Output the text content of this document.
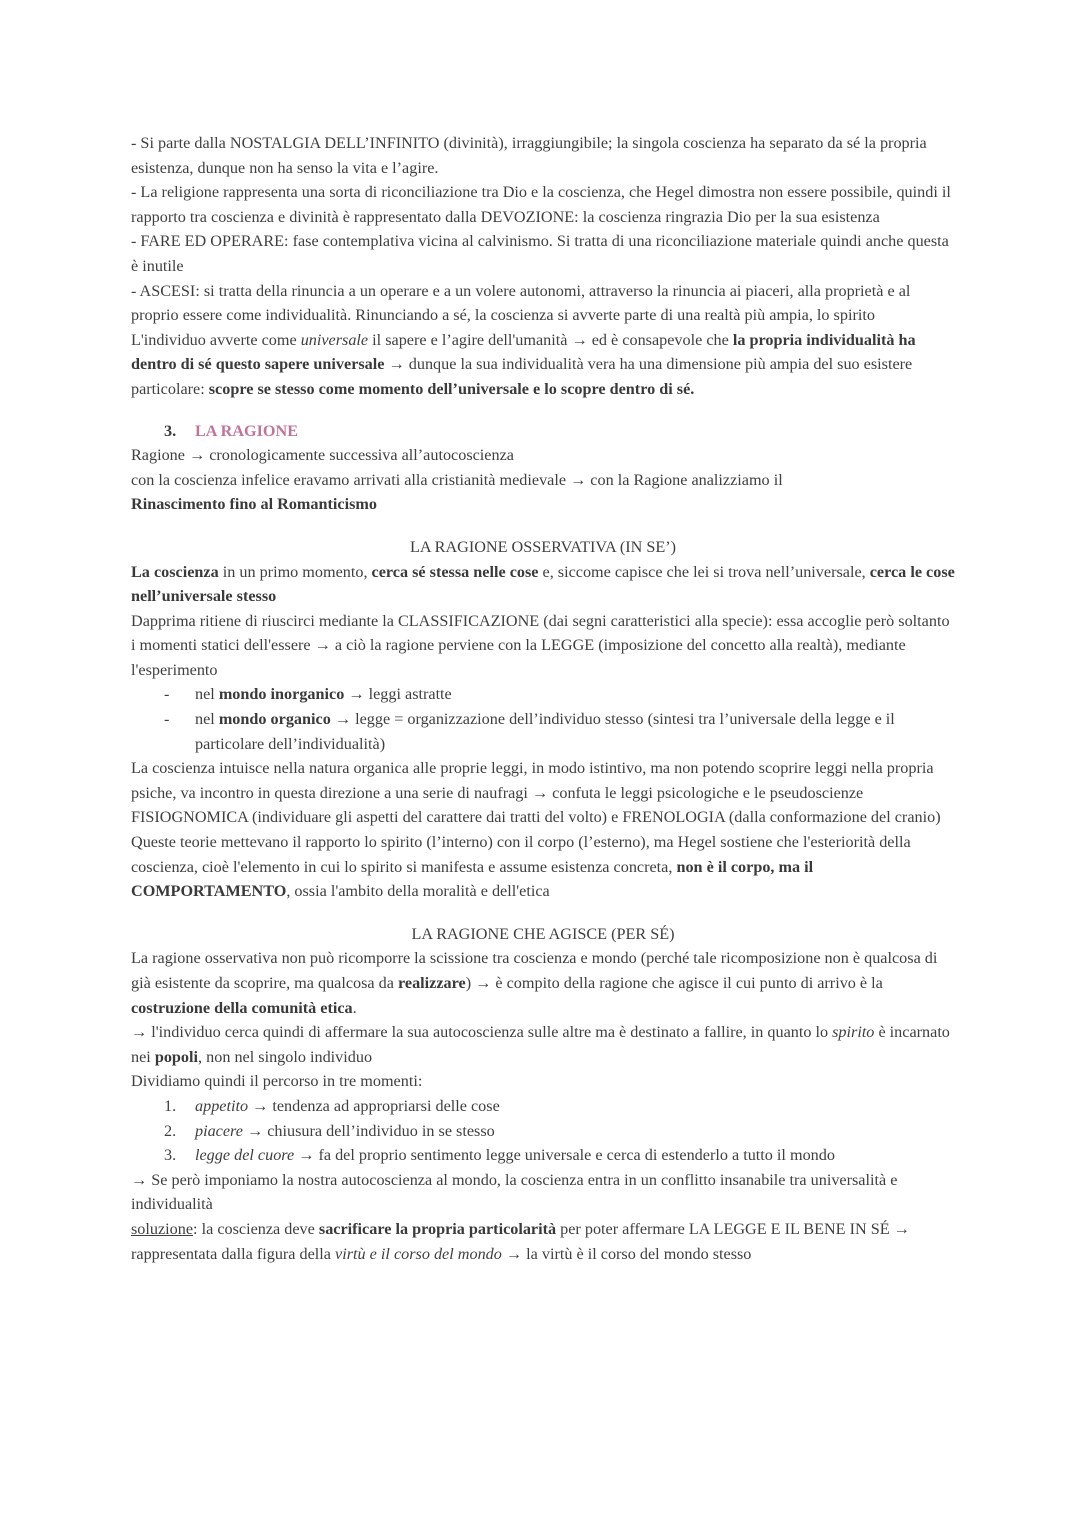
- Si parte dalla NOSTALGIA DELL’INFINITO (divinità), irraggiungibile; la singola coscienza ha separato da sé la propria esistenza, dunque non ha senso la vita e l’agire.

- La religione rappresenta una sorta di riconciliazione tra Dio e la coscienza, che Hegel dimostra non essere possibile, quindi il rapporto tra coscienza e divinità è rappresentato dalla DEVOZIONE: la coscienza ringrazia Dio per la sua esistenza

- FARE ED OPERARE: fase contemplativa vicina al calvinismo. Si tratta di una riconciliazione materiale quindi anche questa è inutile

- ASCESI: si tratta della rinuncia a un operare e a un volere autonomi, attraverso la rinuncia ai piaceri, alla proprietà e al proprio essere come individualità. Rinunciando a sé, la coscienza si avverte parte di una realtà più ampia, lo spirito

L'individuo avverte come universale il sapere e l’agire dell'umanità → ed è consapevole che la propria individualità ha dentro di sé questo sapere universale → dunque la sua individualità vera ha una dimensione più ampia del suo esistere particolare: scopre se stesso come momento dell’universale e lo scopre dentro di sé.

3.	LA RAGIONE

Ragione → cronologicamente successiva all’autocoscienza

con la coscienza infelice eravamo arrivati alla cristianità medievale → con la Ragione analizziamo il

Rinascimento fino al Romanticismo

LA RAGIONE OSSERVATIVA (IN SE’)

La coscienza in un primo momento, cerca sé stessa nelle cose e, siccome capisce che lei si trova nell’universale, cerca le cose nell’universale stesso

Dapprima ritiene di riuscirci mediante la CLASSIFICAZIONE (dai segni caratteristici alla specie): essa accoglie però soltanto i momenti statici dell'essere → a ciò la ragione perviene con la LEGGE (imposizione del concetto alla realtà), mediante l'esperimento

-	nel mondo inorganico → leggi astratte
-	nel mondo organico → legge = organizzazione dell’individuo stesso (sintesi tra l’universale della legge e il particolare dell’individualità)

La coscienza intuisce nella natura organica alle proprie leggi, in modo istintivo, ma non potendo scoprire leggi nella propria psiche, va incontro in questa direzione a una serie di naufragi → confuta le leggi psicologiche e le pseudoscienze FISIOGNOMICA (individuare gli aspetti del carattere dai tratti del volto) e FRENOLOGIA (dalla conformazione del cranio)

Queste teorie mettevano il rapporto lo spirito (l’interno) con il corpo (l’esterno), ma Hegel sostiene che l'esteriorità della coscienza, cioè l'elemento in cui lo spirito si manifesta e assume esistenza concreta, non è il corpo, ma il COMPORTAMENTO, ossia l'ambito della moralità e dell'etica

LA RAGIONE CHE AGISCE (PER SÉ)

La ragione osservativa non può ricomporre la scissione tra coscienza e mondo (perché tale ricomposizione non è qualcosa di già esistente da scoprire, ma qualcosa da realizzare) → è compito della ragione che agisce il cui punto di arrivo è la costruzione della comunità etica.

→ l'individuo cerca quindi di affermare la sua autocoscienza sulle altre ma è destinato a fallire, in quanto lo spirito è incarnato nei popoli, non nel singolo individuo

Dividiamo quindi il percorso in tre momenti:

1.	appetito → tendenza ad appropriarsi delle cose
2.	piacere → chiusura dell’individuo in se stesso
3.	legge del cuore → fa del proprio sentimento legge universale e cerca di estenderlo a tutto il mondo

→ Se però imponiamo la nostra autocoscienza al mondo, la coscienza entra in un conflitto insanabile tra universalità e individualità

soluzione: la coscienza deve sacrificare la propria particolarità per poter affermare LA LEGGE E IL BENE IN SÉ → rappresentata dalla figura della virtù e il corso del mondo → la virtù è il corso del mondo stesso
